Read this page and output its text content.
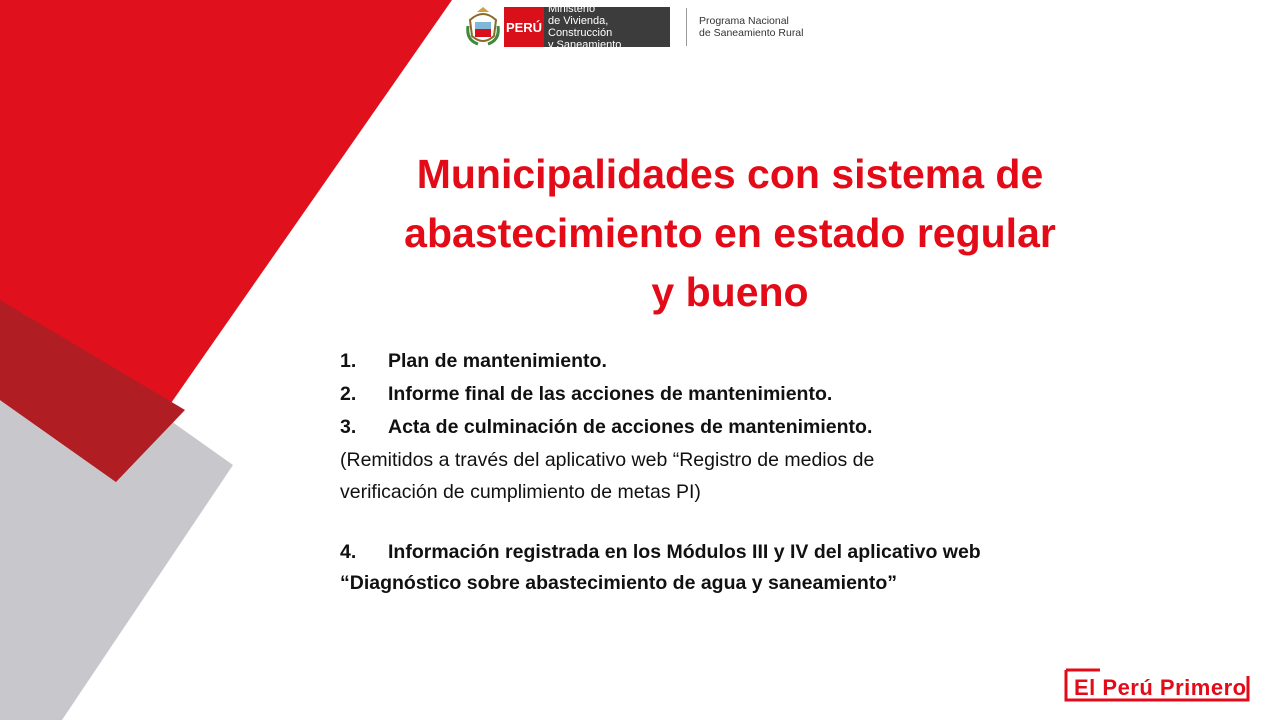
PERÚ
Ministerio
de Vivienda, Construcción
y Saneamiento
Programa Nacional
de Saneamiento Rural
Municipalidades con sistema de
abastecimiento en estado regular
y bueno
1.	Plan de mantenimiento.
2.	Informe final de las acciones de mantenimiento.
3.	Acta de culminación de acciones de mantenimiento.
(Remitidos a través del aplicativo web “Registro de medios de
verificación de cumplimiento de metas PI)
4. Información registrada en los Módulos III y IV del aplicativo web
“Diagnóstico sobre abastecimiento de agua y saneamiento”
El Perú Primero
